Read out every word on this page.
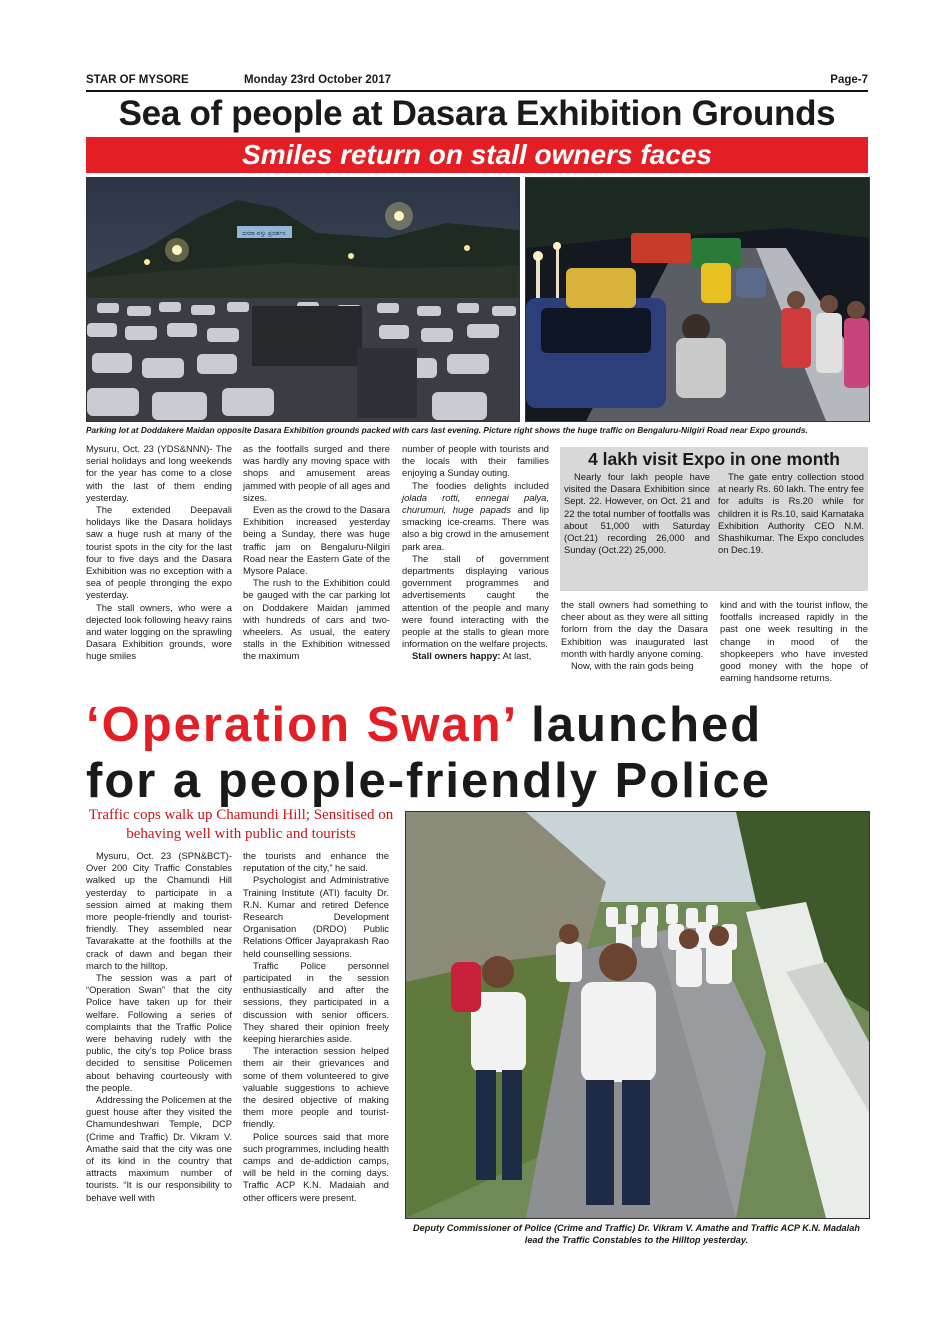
STAR OF MYSORE	Monday 23rd October 2017	Page-7
Sea of people at Dasara Exhibition Grounds
Smiles return on stall owners faces
ದಸರಾ ವಸ್ತು ಪ್ರದರ್ಶನ
Parking lot at Doddakere Maidan opposite Dasara Exhibition grounds packed with cars last evening. Picture right shows the huge traffic on Bengaluru-Nilgiri Road near Expo grounds.

Mysuru, Oct. 23 (YDS&NNN)- The serial holidays and long weekends for the year has come to a close with the last of them ending yesterday.

The extended Deepavali holidays like the Dasara holidays saw a huge rush at many of the tourist spots in the city for the last four to five days and the Dasara Exhibition was no exception with a sea of people thronging the expo yesterday.

The stall owners, who were a dejected look following heavy rains and water logging on the sprawling Dasara Exhibition grounds, wore huge smiles

as the footfalls surged and there was hardly any moving space with shops and amusement areas jammed with people of all ages and sizes.

Even as the crowd to the Dasara Exhibition increased yesterday being a Sunday, there was huge traffic jam on Bengaluru-Nilgiri Road near the Eastern Gate of the Mysore Palace.

The rush to the Exhibition could be gauged with the car parking lot on Doddakere Maidan jammed with hundreds of cars and two-wheelers. As usual, the eatery stalls in the Exhibition witnessed the maximum

number of people with tourists and the locals with their families enjoying a Sunday outing.

The foodies delights included jolada rotti, ennegai palya, churumuri, huge papads and lip smacking ice-creams. There was also a big crowd in the amusement park area.

The stall of government departments displaying various government programmes and advertisements caught the attention of the people and many were found interacting with the people at the stalls to glean more information on the welfare projects.

Stall owners happy: At last,

4 lakh visit Expo in one month

Nearly four lakh people have visited the Dasara Exhibition since Sept. 22. However, on Oct. 21 and 22 the total number of footfalls was about 51,000 with Saturday (Oct.21) recording 26,000 and Sunday (Oct.22) 25,000.

The gate entry collection stood at nearly Rs. 60 lakh. The entry fee for adults is Rs.20 while for children it is Rs.10, said Karnataka Exhibition Authority CEO N.M. Shashikumar. The Expo concludes on Dec.19.

the stall owners had something to cheer about as they were all sitting forlorn from the day the Dasara Exhibition was inaugurated last month with hardly anyone coming.

Now, with the rain gods being

kind and with the tourist inflow, the footfalls increased rapidly in the past one week resulting in the change in mood of the shopkeepers who have invested good money with the hope of earning handsome returns.

‘Operation Swan’ launched
for a people-friendly Police
Traffic cops walk up Chamundi Hill; Sensitised on behaving well with public and tourists
Deputy Commissioner of Police (Crime and Traffic) Dr. Vikram V. Amathe and Traffic ACP K.N. Madalah lead the Traffic Constables to the Hilltop yesterday.

Mysuru, Oct. 23 (SPN&BCT)- Over 200 City Traffic Constables walked up the Chamundi Hill yesterday to participate in a session aimed at making them more people-friendly and tourist-friendly. They assembled near Tavarakatte at the foothills at the crack of dawn and began their march to the hilltop.

The session was a part of “Operation Swan” that the city Police have taken up for their welfare. Following a series of complaints that the Traffic Police were behaving rudely with the public, the city’s top Police brass decided to sensitise Policemen about behaving courteously with the people.

Addressing the Policemen at the guest house after they visited the Chamundeshwari Temple, DCP (Crime and Traffic) Dr. Vikram V. Amathe said that the city was one of its kind in the country that attracts maximum number of tourists. “It is our responsibility to behave well with

the tourists and enhance the reputation of the city,” he said.

Psychologist and Administrative Training Institute (ATI) faculty Dr. R.N. Kumar and retired Defence Research Development Organisation (DRDO) Public Relations Officer Jayaprakash Rao held counselling sessions.

Traffic Police personnel participated in the session enthusiastically and after the sessions, they participated in a discussion with senior officers. They shared their opinion freely keeping hierarchies aside.

The interaction session helped them air their grievances and some of them volunteered to give valuable suggestions to achieve the desired objective of making them more people and tourist-friendly.

Police sources said that more such programmes, including health camps and de-addiction camps, will be held in the coming days. Traffic ACP K.N. Madaiah and other officers were present.
